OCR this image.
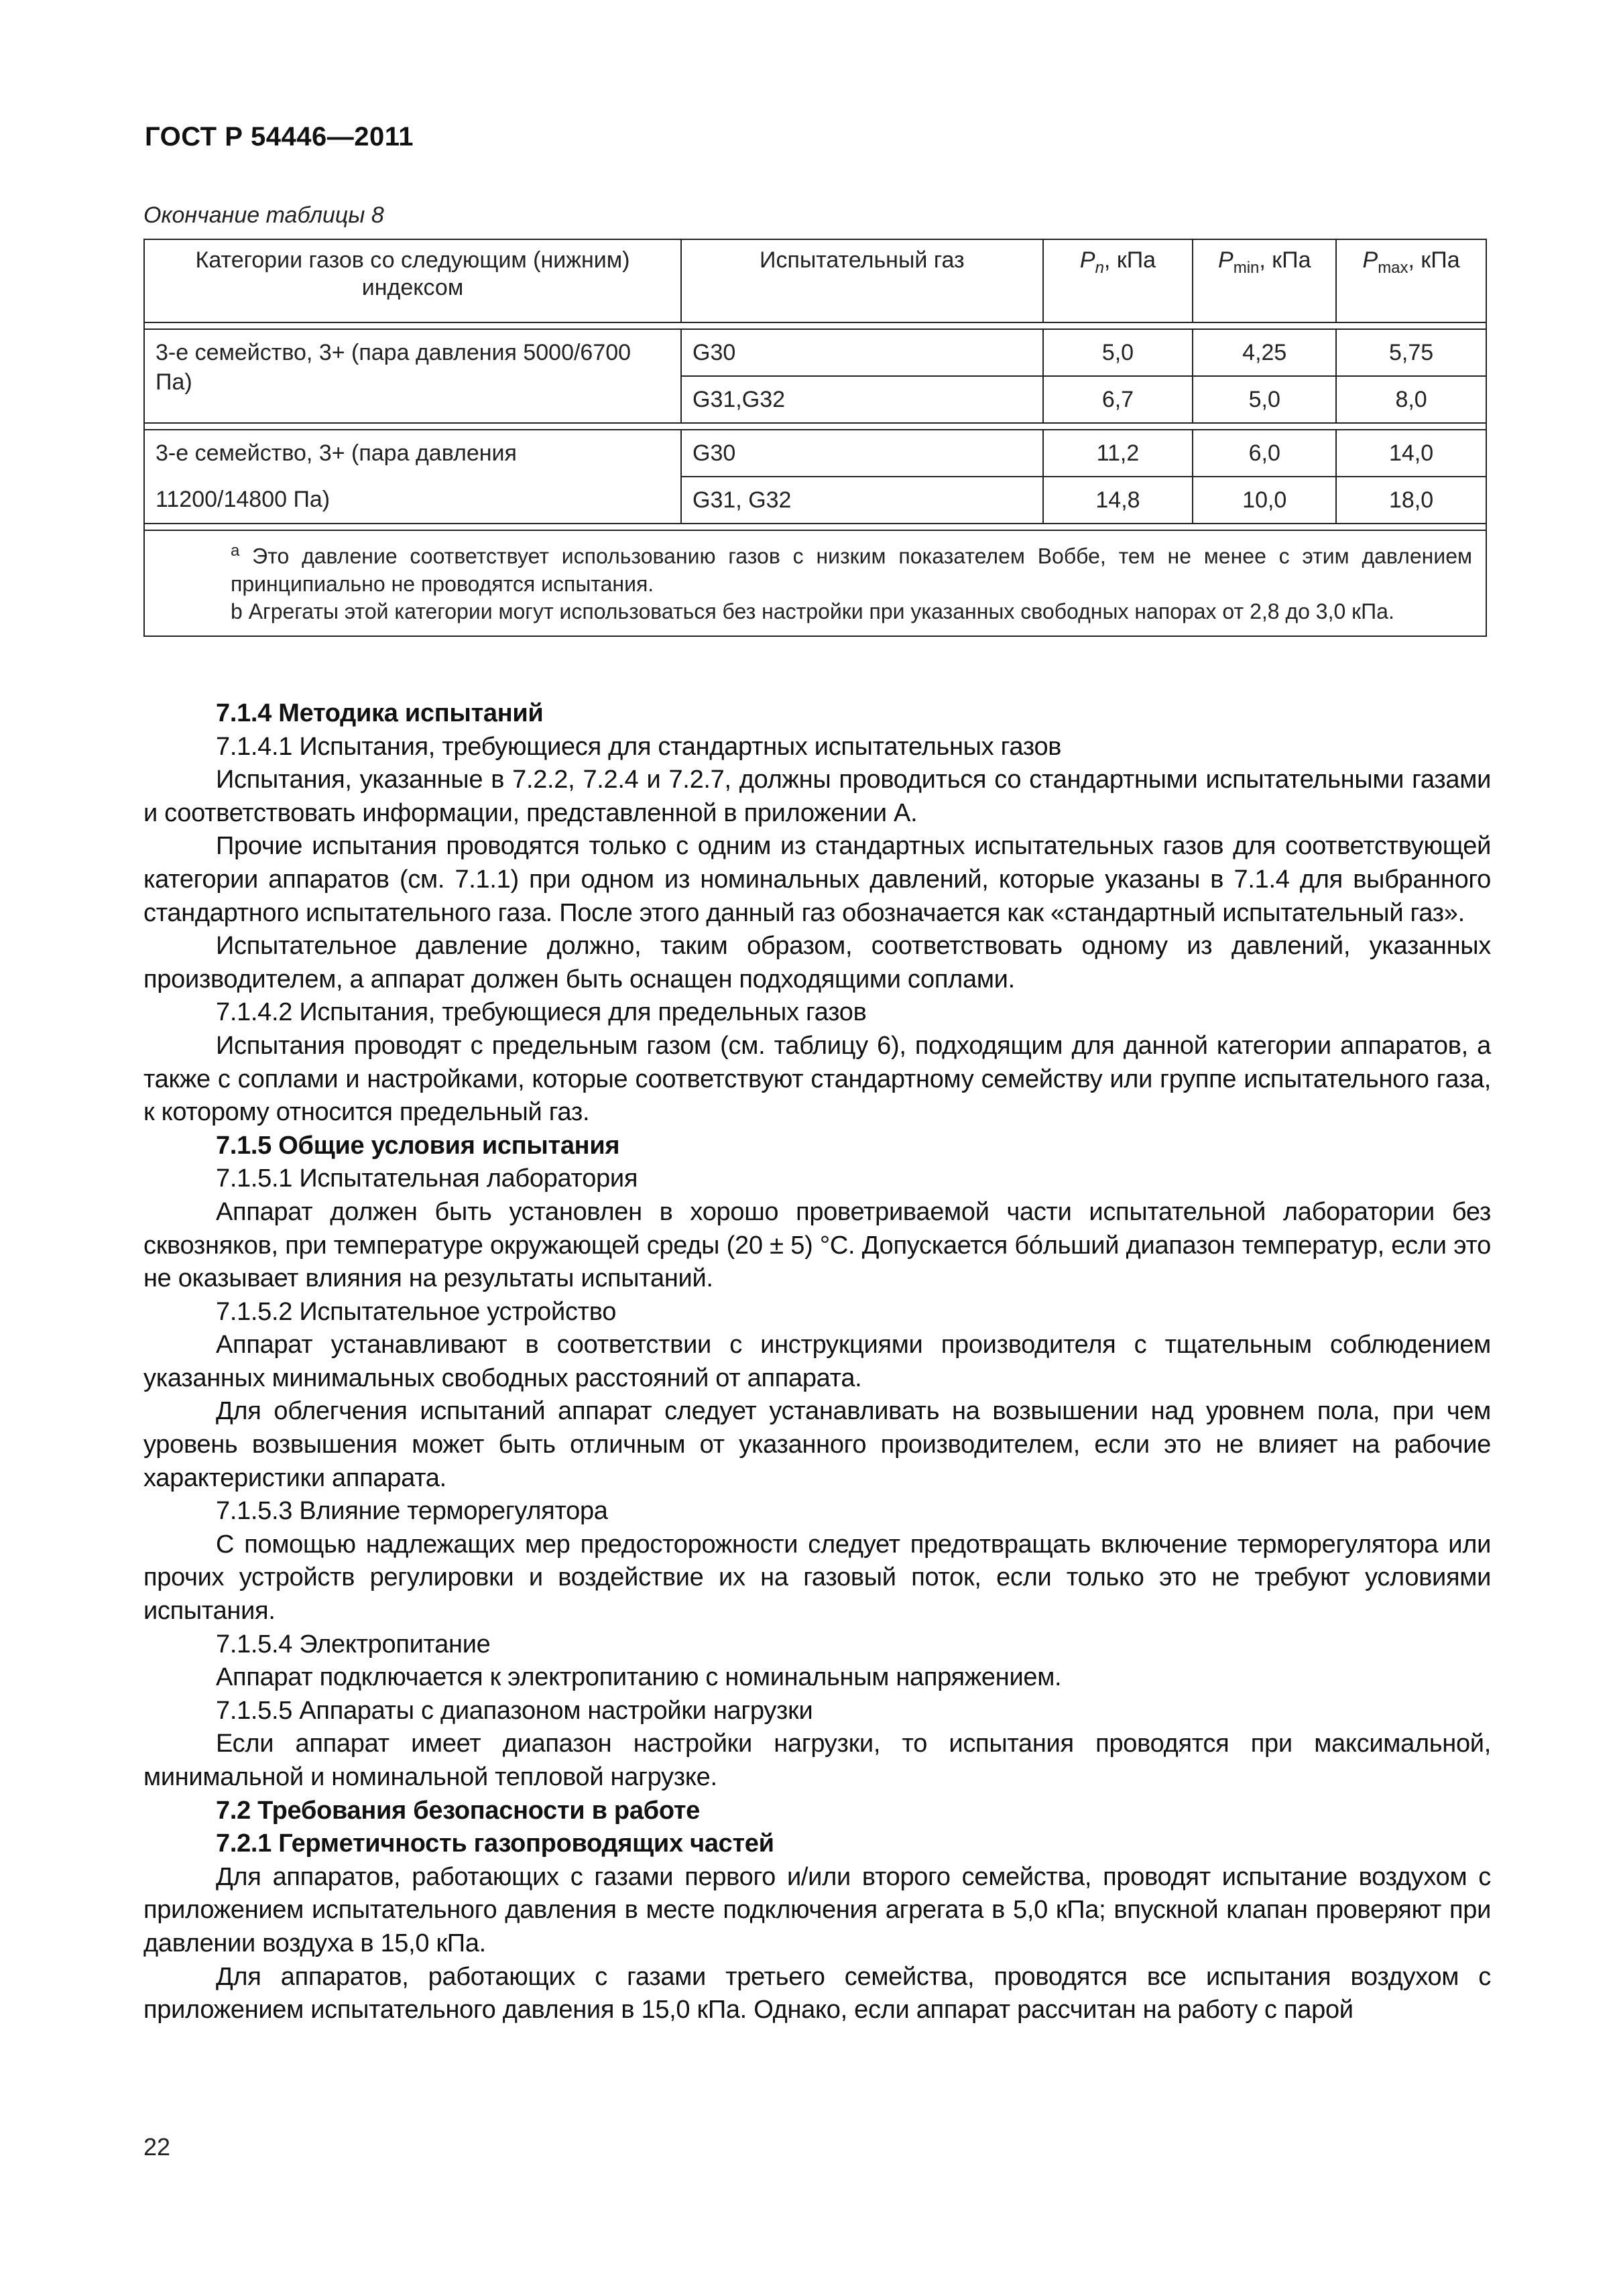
ГОСТ Р 54446—2011
Окончание таблицы 8
Категории газов со следующим (нижним) индексом	Испытательный газ	$P_n$, кПа	$P_{min}$, кПа	$P_{max}$, кПа

3-е семейство, 3+ (пара давления 5000/6700 Па)	G30	5,0	4,25	5,75
	G31,G32	6,7	5,0	8,0

3-е семейство, 3+ (пара давления	G30	11,2	6,0	14,0
11200/14800 Па)	G31, G32	14,8	10,0	18,0

$^a$ Это давление соответствует использованию газов с низким показателем Воббе, тем не менее с этим давлением принципиально не проводятся испытания.

b Агрегаты этой категории могут использоваться без настройки при указанных свободных напорах от 2,8 до 3,0 кПа.				

7.1.4 Методика испытаний

7.1.4.1 Испытания, требующиеся для стандартных испытательных газов

Испытания, указанные в 7.2.2, 7.2.4 и 7.2.7, должны проводиться со стандартными испытательными газами и соответствовать информации, представленной в приложении А.

Прочие испытания проводятся только с одним из стандартных испытательных газов для соответствующей категории аппаратов (см. 7.1.1) при одном из номинальных давлений, которые указаны в 7.1.4 для выбранного стандартного испытательного газа. После этого данный газ обозначается как «стандартный испытательный газ».

Испытательное давление должно, таким образом, соответствовать одному из давлений, указанных производителем, а аппарат должен быть оснащен подходящими соплами.

7.1.4.2 Испытания, требующиеся для предельных газов

Испытания проводят с предельным газом (см. таблицу 6), подходящим для данной категории аппаратов, а также с соплами и настройками, которые соответствуют стандартному семейству или группе испытательного газа, к которому относится предельный газ.

7.1.5 Общие условия испытания

7.1.5.1 Испытательная лаборатория

Аппарат должен быть установлен в хорошо проветриваемой части испытательной лаборатории без сквозняков, при температуре окружающей среды (20 ± 5) °С. Допускается бóльший диапазон температур, если это не оказывает влияния на результаты испытаний.

7.1.5.2 Испытательное устройство

Аппарат устанавливают в соответствии с инструкциями производителя с тщательным соблюдением указанных минимальных свободных расстояний от аппарата.

Для облегчения испытаний аппарат следует устанавливать на возвышении над уровнем пола, при чем уровень возвышения может быть отличным от указанного производителем, если это не влияет на рабочие характеристики аппарата.

7.1.5.3 Влияние терморегулятора

С помощью надлежащих мер предосторожности следует предотвращать включение терморегулятора или прочих устройств регулировки и воздействие их на газовый поток, если только это не требуют условиями испытания.

7.1.5.4 Электропитание

Аппарат подключается к электропитанию с номинальным напряжением.

7.1.5.5 Аппараты с диапазоном настройки нагрузки

Если аппарат имеет диапазон настройки нагрузки, то испытания проводятся при максимальной, минимальной и номинальной тепловой нагрузке.

7.2 Требования безопасности в работе

7.2.1 Герметичность газопроводящих частей

Для аппаратов, работающих с газами первого и/или второго семейства, проводят испытание воздухом с приложением испытательного давления в месте подключения агрегата в 5,0 кПа; впускной клапан проверяют при давлении воздуха в 15,0 кПа.

Для аппаратов, работающих с газами третьего семейства, проводятся все испытания воздухом с приложением испытательного давления в 15,0 кПа. Однако, если аппарат рассчитан на работу с парой

22
